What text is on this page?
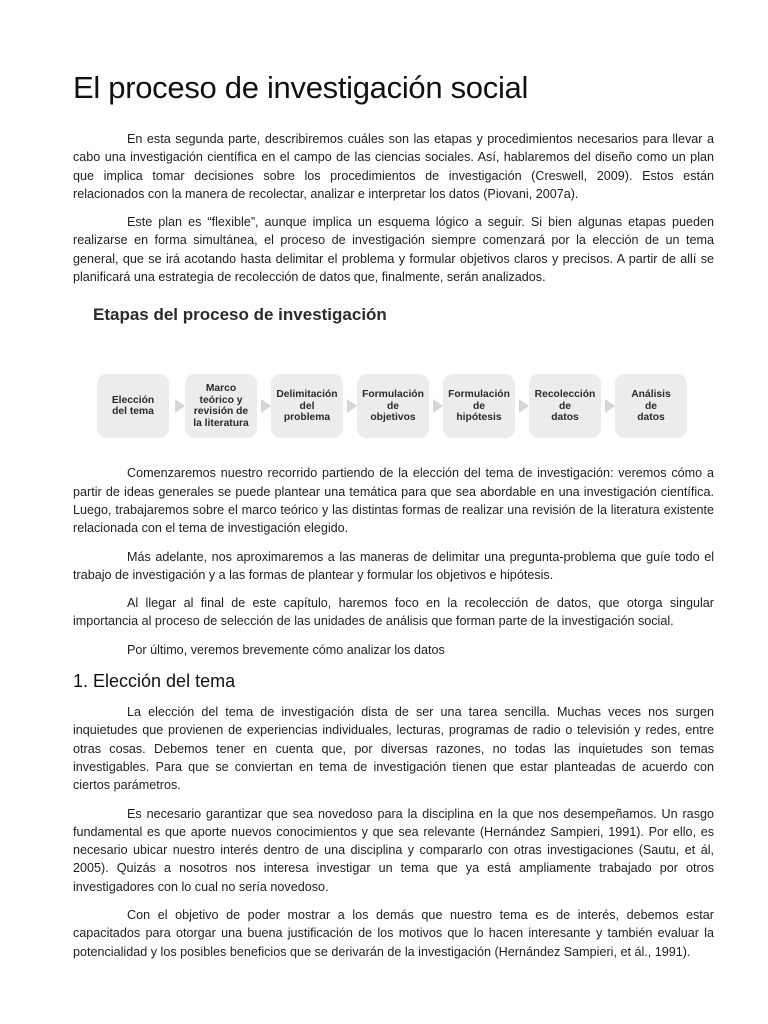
El proceso de investigación social

En esta segunda parte, describiremos cuáles son las etapas y procedimientos necesarios para llevar a cabo una investigación científica en el campo de las ciencias sociales. Así, hablaremos del diseño como un plan que implica tomar decisiones sobre los procedimientos de investigación (Creswell, 2009). Estos están relacionados con la manera de recolectar, analizar e interpretar los datos (Piovani, 2007a).

Este plan es “flexible”, aunque implica un esquema lógico a seguir. Si bien algunas etapas pueden realizarse en forma simultánea, el proceso de investigación siempre comenzará por la elección de un tema general, que se irá acotando hasta delimitar el problema y formular objetivos claros y precisos. A partir de allí se planificará una estrategia de recolección de datos que, finalmente, serán analizados.

Etapas del proceso de investigación
Elección
del tema
Marco
teórico y
revisión de
la literatura
Delimitación
del
problema
Formulación
de
objetivos
Formulación
de
hipótesis
Recolección
de
datos
Análisis
de
datos

Comenzaremos nuestro recorrido partiendo de la elección del tema de investigación: veremos cómo a partir de ideas generales se puede plantear una temática para que sea abordable en una investigación científica. Luego, trabajaremos sobre el marco teórico y las distintas formas de realizar una revisión de la literatura existente relacionada con el tema de investigación elegido.

Más adelante, nos aproximaremos a las maneras de delimitar una pregunta-problema que guíe todo el trabajo de investigación y a las formas de plantear y formular los objetivos e hipótesis.

Al llegar al final de este capítulo, haremos foco en la recolección de datos, que otorga singular importancia al proceso de selección de las unidades de análisis que forman parte de la investigación social.

Por último, veremos brevemente cómo analizar los datos

1. Elección del tema

La elección del tema de investigación dista de ser una tarea sencilla. Muchas veces nos surgen inquietudes que provienen de experiencias individuales, lecturas, programas de radio o televisión y redes, entre otras cosas. Debemos tener en cuenta que, por diversas razones, no todas las inquietudes son temas investigables. Para que se conviertan en tema de investigación tienen que estar planteadas de acuerdo con ciertos parámetros.

Es necesario garantizar que sea novedoso para la disciplina en la que nos desempeñamos. Un rasgo fundamental es que aporte nuevos conocimientos y que sea relevante (Hernández Sampieri, 1991). Por ello, es necesario ubicar nuestro interés dentro de una disciplina y compararlo con otras investigaciones (Sautu, et ál, 2005). Quizás a nosotros nos interesa investigar un tema que ya está ampliamente trabajado por otros investigadores con lo cual no sería novedoso.

Con el objetivo de poder mostrar a los demás que nuestro tema es de interés, debemos estar capacitados para otorgar una buena justificación de los motivos que lo hacen interesante y también evaluar la potencialidad y los posibles beneficios que se derivarán de la investigación (Hernández Sampieri, et ál., 1991).
